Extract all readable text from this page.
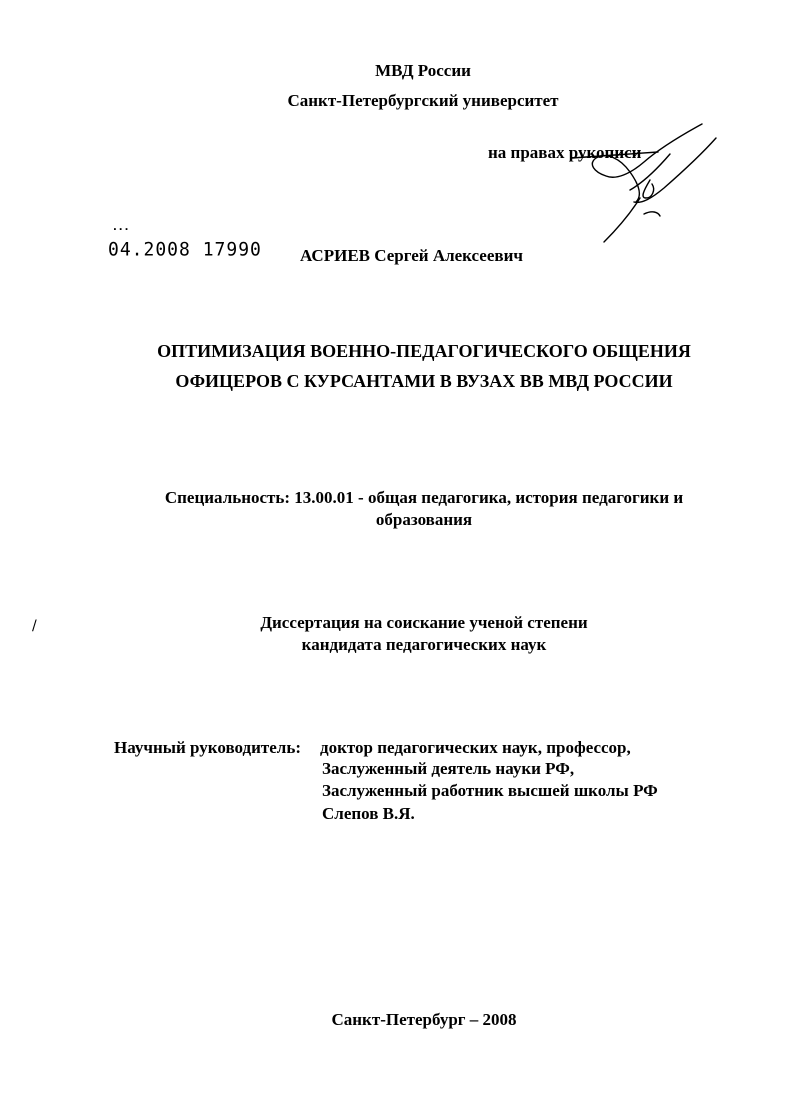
МВД России
Санкт-Петербургский университет
на правах рукописи
...
04.2008 17990 АСРИЕВ Сергей Алексеевич
ОПТИМИЗАЦИЯ ВОЕННО-ПЕДАГОГИЧЕСКОГО ОБЩЕНИЯ
ОФИЦЕРОВ С КУРСАНТАМИ В ВУЗАХ ВВ МВД РОССИИ
Специальность: 13.00.01 - общая педагогика, история педагогики и
образования
/	Диссертация на соискание ученой степени
кандидата педагогических наук
Научный руководитель: доктор педагогических наук, профессор,
Заслуженный деятель науки РФ,
Заслуженный работник высшей школы РФ
Слепов В.Я.
Санкт-Петербург – 2008
